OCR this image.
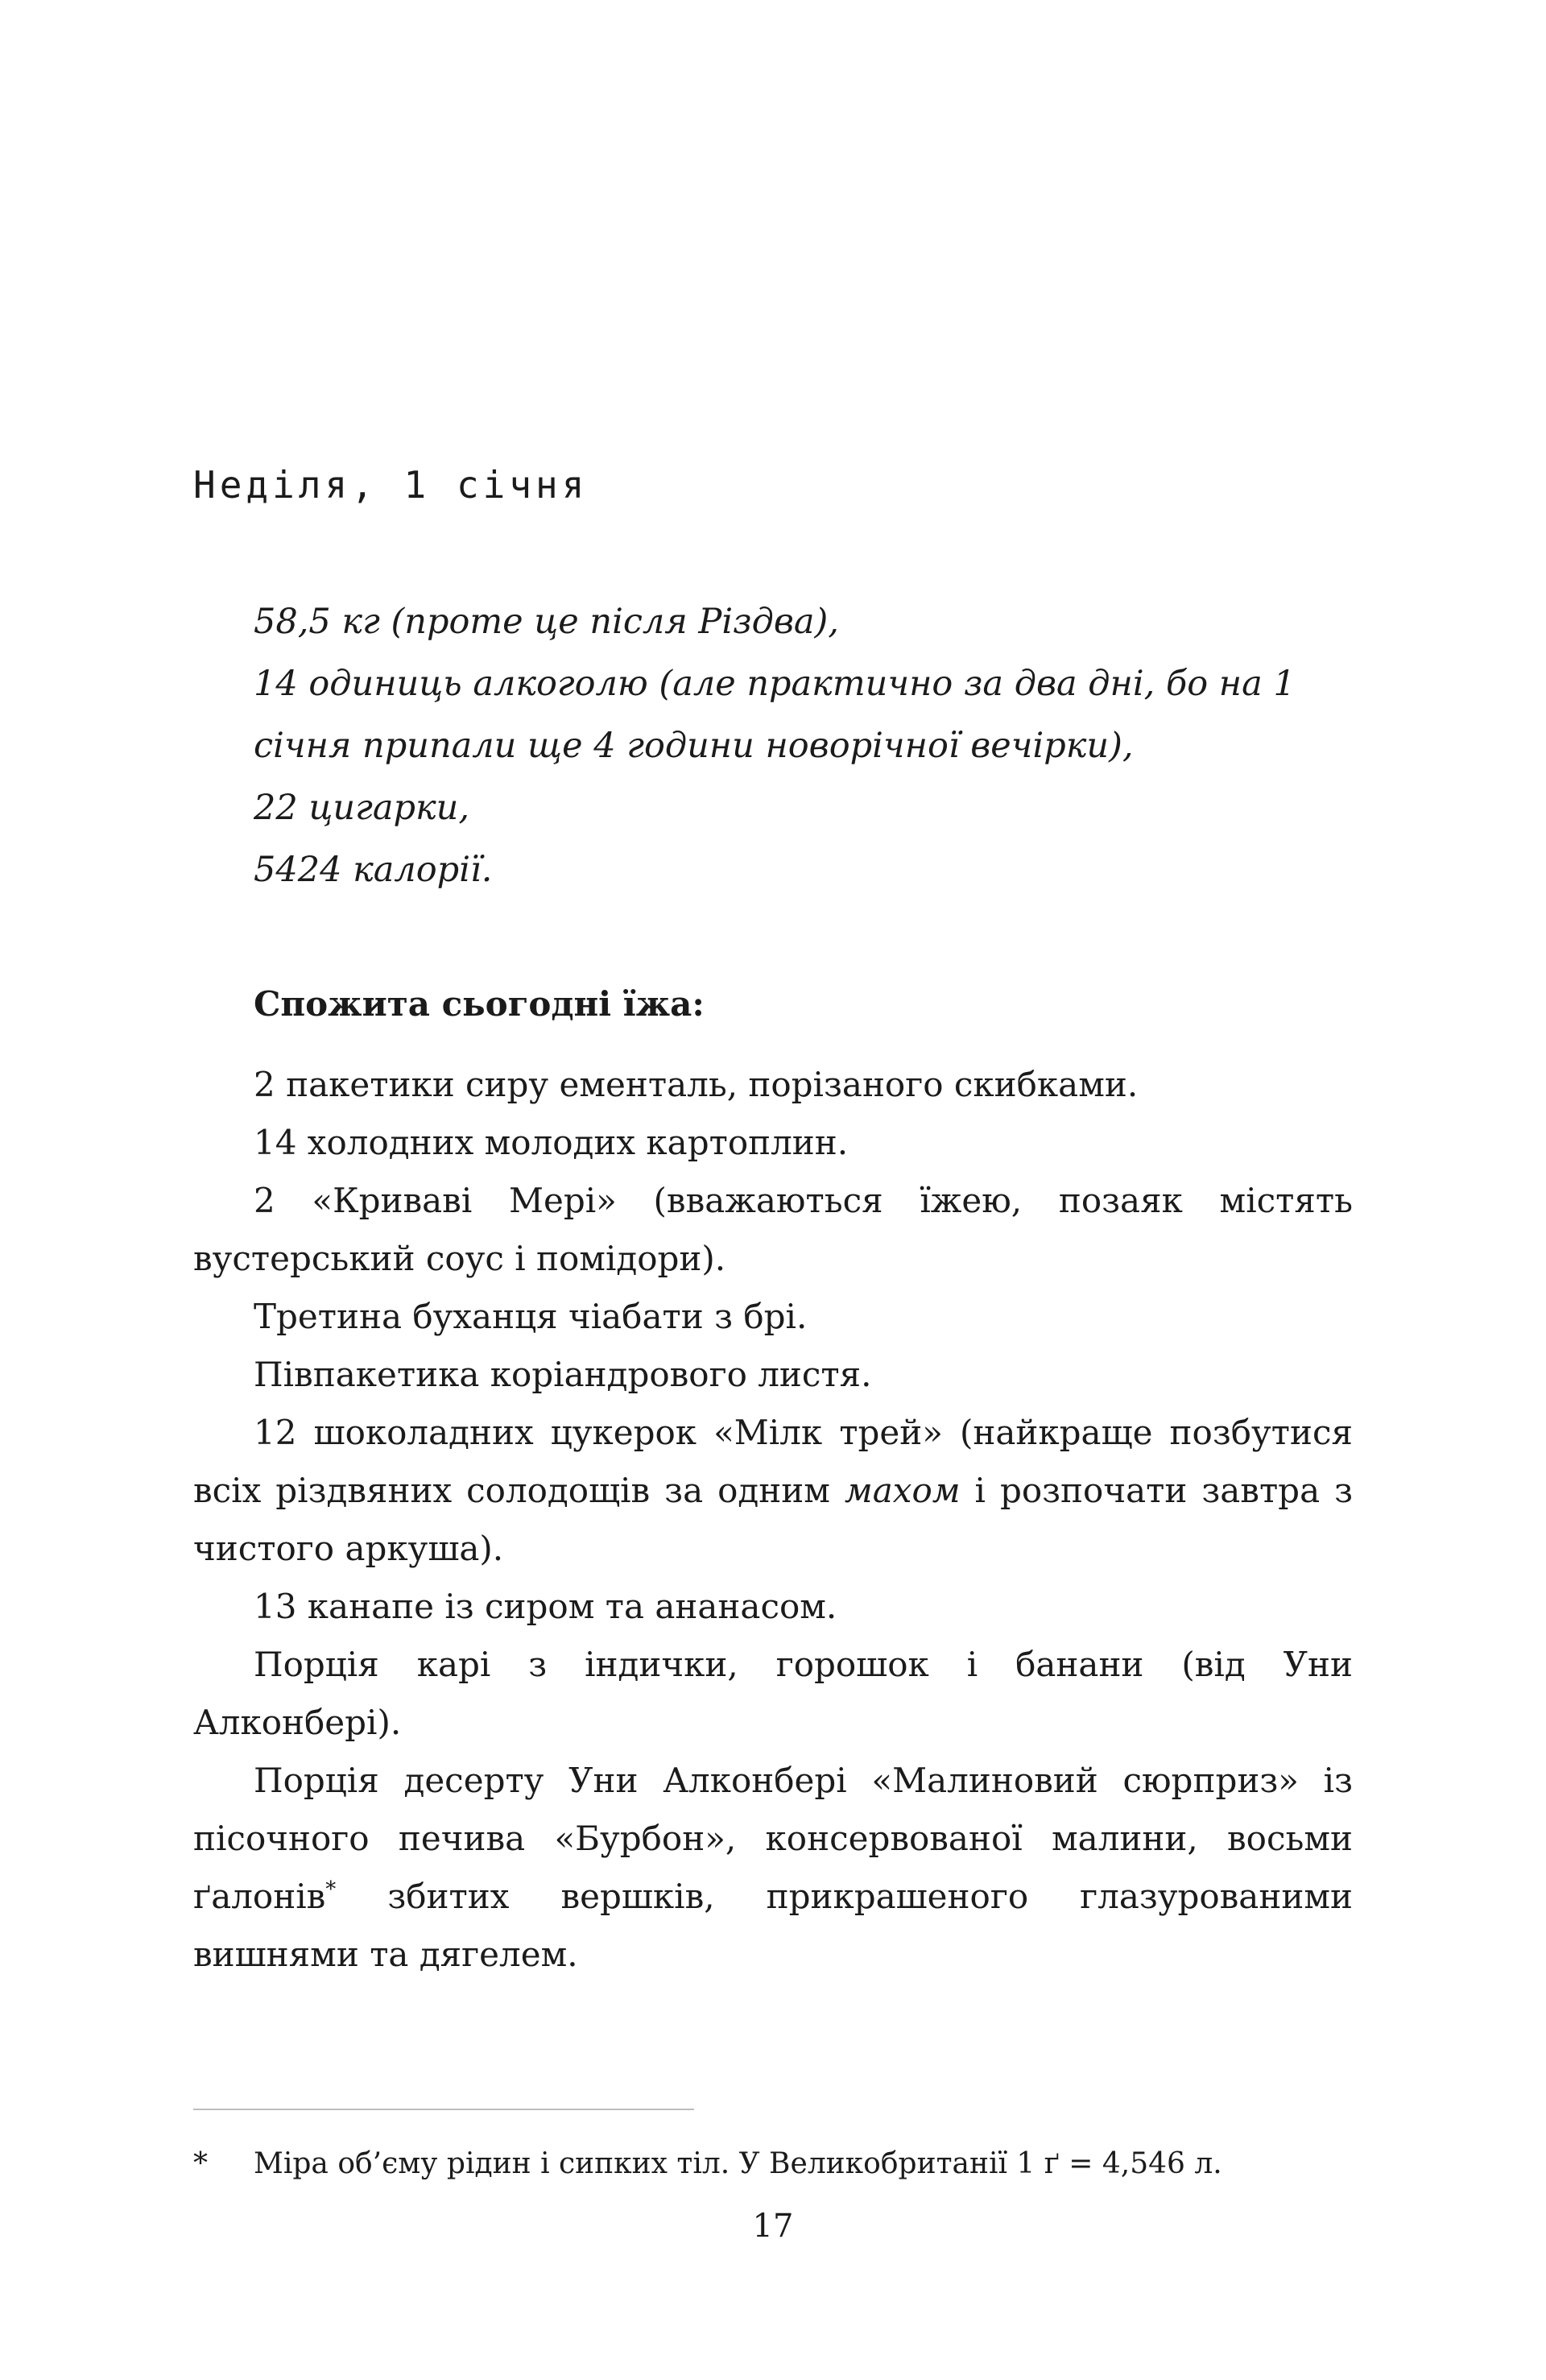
Неділя, 1 січня

58,5 кг (проте це після Різдва),

14 одиниць алкоголю (але практично за два дні, бо на 1 січня припали ще 4 години новорічної вечірки),

22 цигарки,

5424 калорії.

Спожита сьогодні їжа:

2 пакетики сиру ементаль, порізаного скибками.

14 холодних молодих картоплин.

2 «Криваві Мері» (вважаються їжею, позаяк містять вустерський соус і помідори).

Третина буханця чіабати з брі.

Півпакетика коріандрового листя.

12 шоколадних цукерок «Мілк трей» (найкраще позбутися всіх різдвяних солодощів за одним махом і розпочати завтра з чистого аркуша).

13 канапе із сиром та ананасом.

Порція карі з індички, горошок і банани (від Уни Алконбері).

Порція десерту Уни Алконбері «Малиновий сюрприз» із пісочного печива «Бурбон», консервованої малини, восьми ґалонів* збитих вершків, прикрашеного глазурованими вишнями та дягелем.

*	Міра об’єму рідин і сипких тіл. У Великобританії 1 ґ = 4,546 л.
17
